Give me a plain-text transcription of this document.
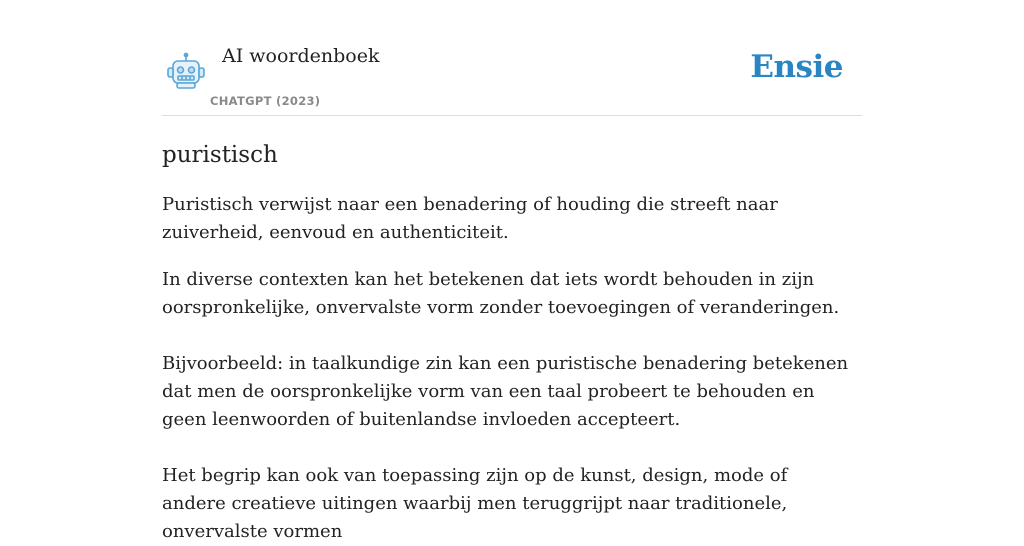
AI woordenboek
CHATGPT (2023)
Ensie
puristisch

Puristisch verwijst naar een benadering of houding die streeft naar zuiverheid, eenvoud en authenticiteit.

In diverse contexten kan het betekenen dat iets wordt behouden in zijn oorspronkelijke, onvervalste vorm zonder toevoegingen of veranderingen.

Bijvoorbeeld: in taalkundige zin kan een puristische benadering betekenen dat men de oorspronkelijke vorm van een taal probeert te behouden en geen leenwoorden of buitenlandse invloeden accepteert.

Het begrip kan ook van toepassing zijn op de kunst, design, mode of andere creatieve uitingen waarbij men teruggrijpt naar traditionele, onvervalste vormen
